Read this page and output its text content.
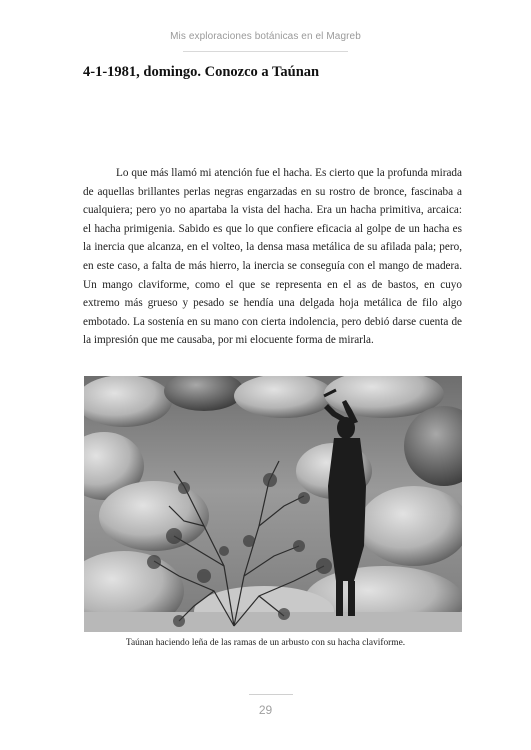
Mis exploraciones botánicas en el Magreb
4-1-1981, domingo. Conozco a Taúnan

Lo que más llamó mi atención fue el hacha. Es cierto que la profunda mirada de aquellas brillantes perlas negras engarzadas en su rostro de bronce, fascinaba a cualquiera; pero yo no apartaba la vista del hacha. Era un hacha primitiva, arcaica: el hacha primigenia. Sabido es que lo que confiere eficacia al golpe de un hacha es la inercia que alcanza, en el volteo, la densa masa metálica de su afilada pala; pero, en este caso, a falta de más hierro, la inercia se conseguía con el mango de madera. Un mango claviforme, como el que se representa en el as de bastos, en cuyo extremo más grueso y pesado se hendía una delgada hoja metálica de filo algo embotado. La sostenía en su mano con cierta indolencia, pero debió darse cuenta de la impresión que me causaba, por mi elocuente forma de mirarla.

Taúnan haciendo leña de las ramas de un arbusto con su hacha claviforme.

29
